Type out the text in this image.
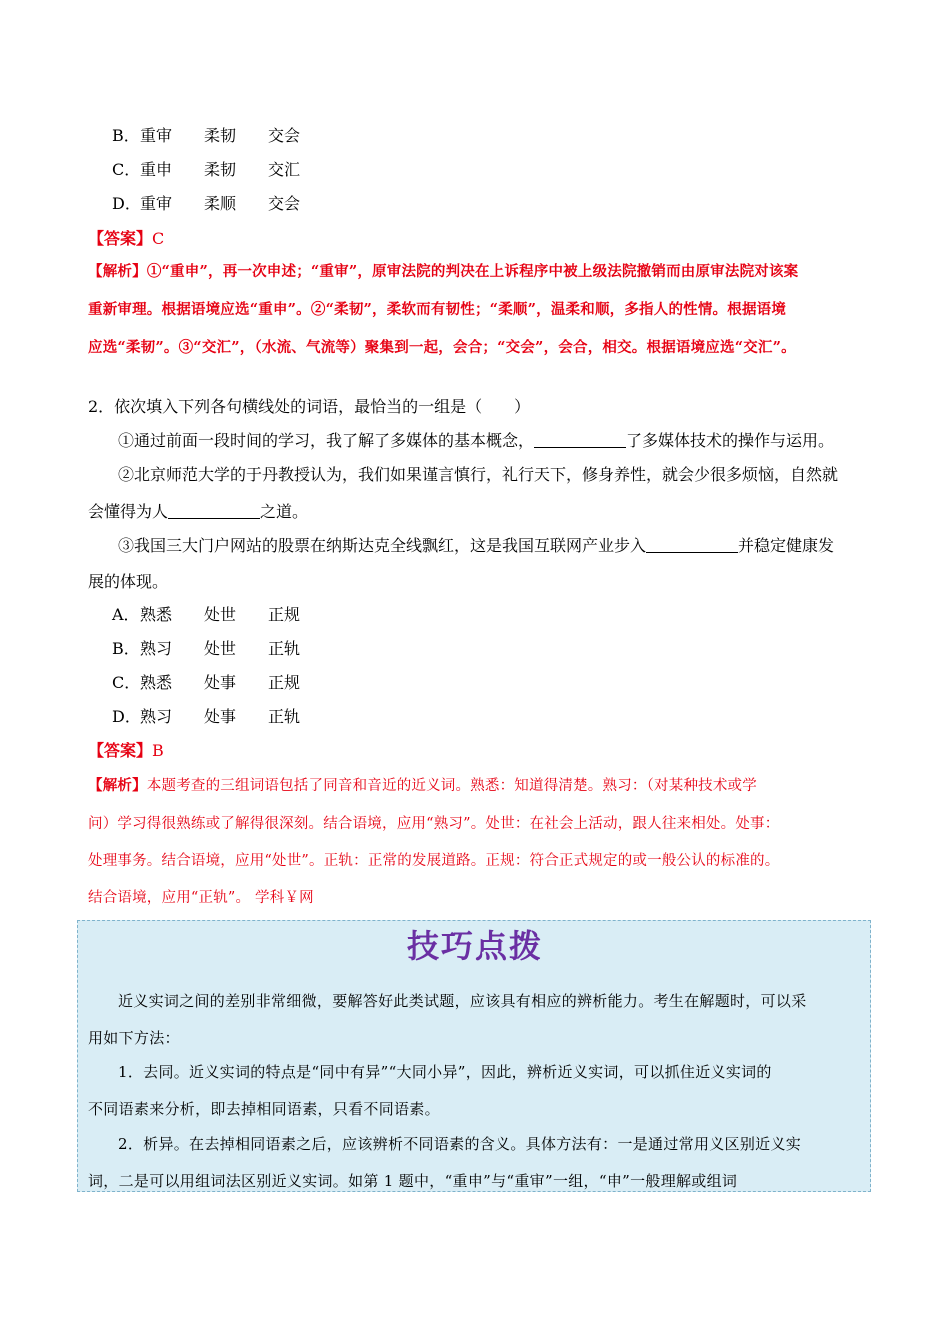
B．重审 柔韧 交会
C．重申 柔韧 交汇
D．重审 柔顺 交会
【答案】C
【解析】①“重申”，再一次申述；“重审”，原审法院的判决在上诉程序中被上级法院撤销而由原审法院对该案
重新审理。根据语境应选“重申”。②“柔韧”，柔软而有韧性；“柔顺”，温柔和顺，多指人的性情。根据语境
应选“柔韧”。③“交汇”，（水流、气流等）聚集到一起，会合；“交会”，会合，相交。根据语境应选“交汇”。
2．依次填入下列各句横线处的词语，最恰当的一组是（　　）
①通过前面一段时间的学习，我了解了多媒体的基本概念，	了多媒体技术的操作与运用。
②北京师范大学的于丹教授认为，我们如果谨言慎行，礼行天下，修身养性，就会少很多烦恼，自然就
会懂得为人	之道。
③我国三大门户网站的股票在纳斯达克全线飘红，这是我国互联网产业步入	并稳定健康发
展的体现。
A．熟悉 处世 正规
B．熟习 处世 正轨
C．熟悉 处事 正规
D．熟习 处事 正轨
【答案】B
【解析】本题考查的三组词语包括了同音和音近的近义词。熟悉：知道得清楚。熟习：（对某种技术或学
问）学习得很熟练或了解得很深刻。结合语境，应用“熟习”。处世：在社会上活动，跟人往来相处。处事：
处理事务。结合语境，应用“处世”。正轨：正常的发展道路。正规：符合正式规定的或一般公认的标准的。
结合语境，应用“正轨”。 学科￥网
技巧点拨
近义实词之间的差别非常细微，要解答好此类试题，应该具有相应的辨析能力。考生在解题时，可以采
用如下方法：
1．去同。近义实词的特点是“同中有异”“大同小异”，因此，辨析近义实词，可以抓住近义实词的
不同语素来分析，即去掉相同语素，只看不同语素。
2．析异。在去掉相同语素之后，应该辨析不同语素的含义。具体方法有：一是通过常用义区别近义实
词，二是可以用组词法区别近义实词。如第 1 题中，“重申”与“重审”一组，“申”一般理解或组词
